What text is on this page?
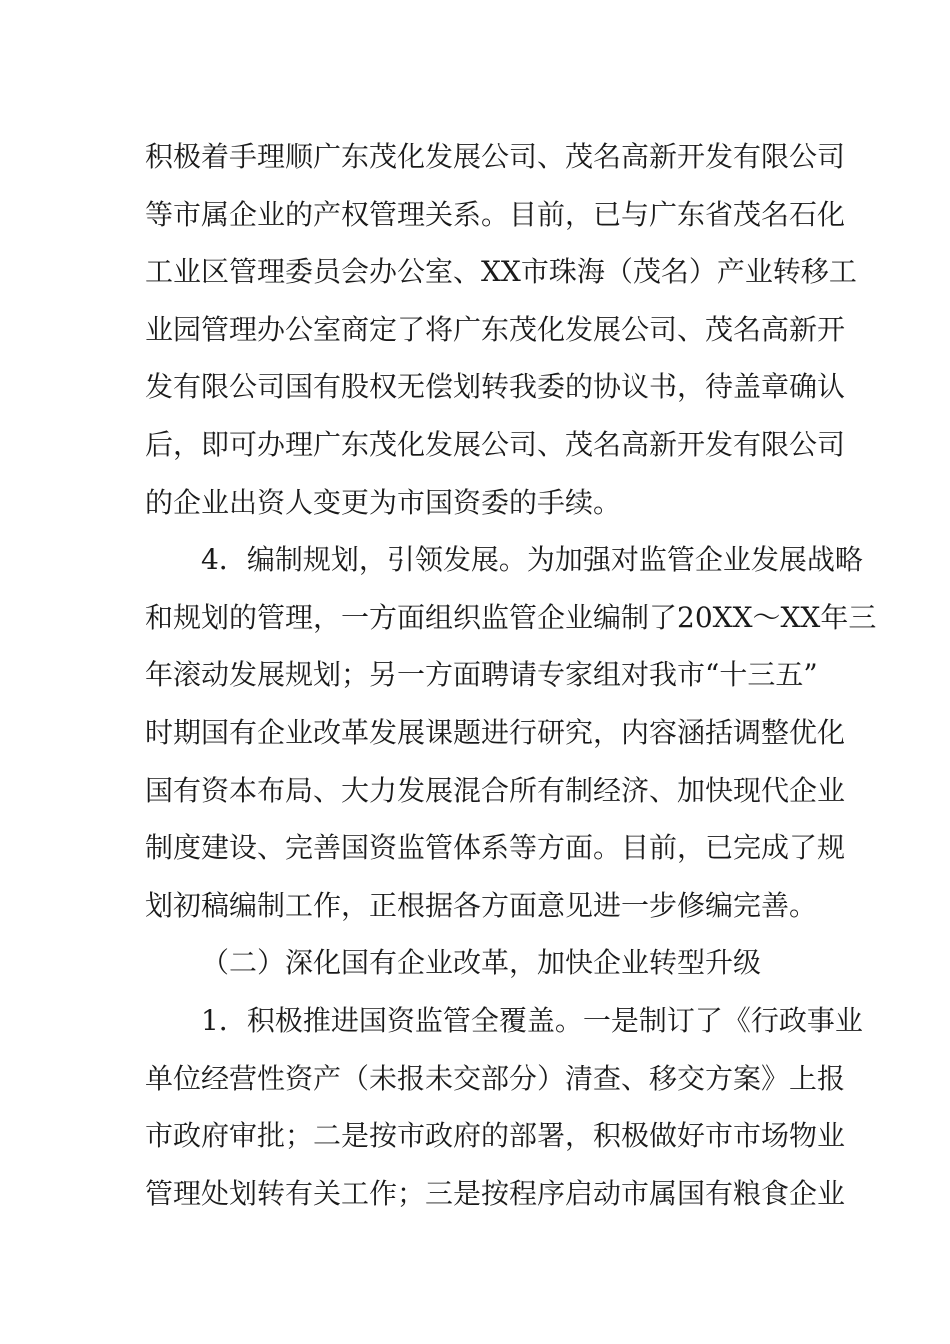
积极着手理顺广东茂化发展公司、茂名高新开发有限公司
等市属企业的产权管理关系。目前，已与广东省茂名石化
工业区管理委员会办公室、XX市珠海（茂名）产业转移工
业园管理办公室商定了将广东茂化发展公司、茂名高新开
发有限公司国有股权无偿划转我委的协议书，待盖章确认
后，即可办理广东茂化发展公司、茂名高新开发有限公司
的企业出资人变更为市国资委的手续。
4．编制规划，引领发展。为加强对监管企业发展战略
和规划的管理，一方面组织监管企业编制了20XX～XX年三
年滚动发展规划；另一方面聘请专家组对我市“十三五”
时期国有企业改革发展课题进行研究，内容涵括调整优化
国有资本布局、大力发展混合所有制经济、加快现代企业
制度建设、完善国资监管体系等方面。目前，已完成了规
划初稿编制工作，正根据各方面意见进一步修编完善。
（二）深化国有企业改革，加快企业转型升级
1．积极推进国资监管全覆盖。一是制订了《行政事业
单位经营性资产（未报未交部分）清查、移交方案》上报
市政府审批；二是按市政府的部署，积极做好市市场物业
管理处划转有关工作；三是按程序启动市属国有粮食企业
